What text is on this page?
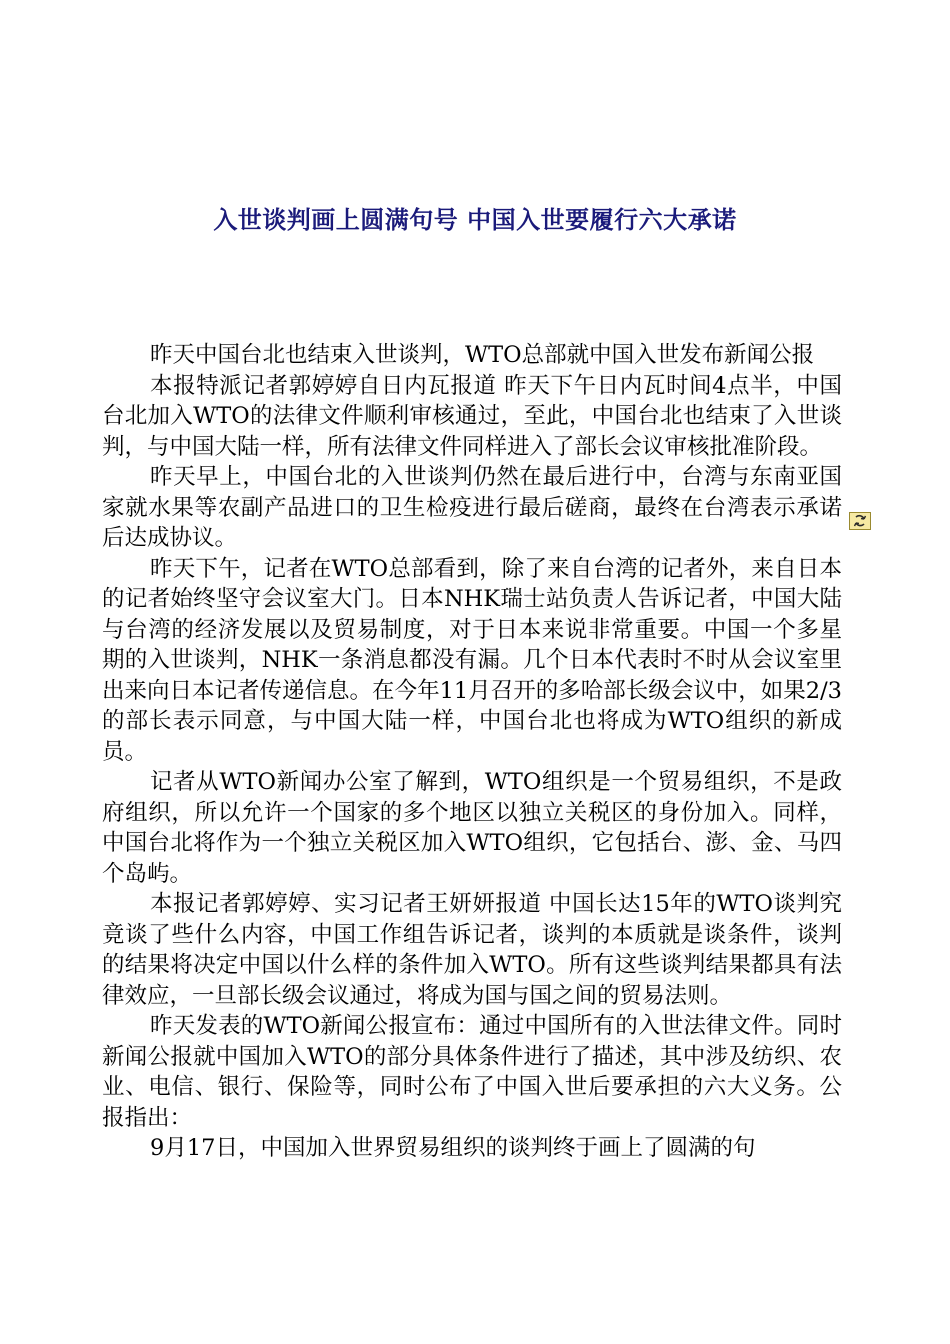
入世谈判画上圆满句号 中国入世要履行六大承诺

昨天中国台北也结束入世谈判，WTO总部就中国入世发布新闻公报

本报特派记者郭婷婷自日内瓦报道 昨天下午日内瓦时间4点半，中国台北加入WTO的法律文件顺利审核通过，至此，中国台北也结束了入世谈判，与中国大陆一样，所有法律文件同样进入了部长会议审核批准阶段。

昨天早上，中国台北的入世谈判仍然在最后进行中，台湾与东南亚国家就水果等农副产品进口的卫生检疫进行最后磋商，最终在台湾表示承诺后达成协议。

昨天下午，记者在WTO总部看到，除了来自台湾的记者外，来自日本的记者始终坚守会议室大门。日本NHK瑞士站负责人告诉记者，中国大陆与台湾的经济发展以及贸易制度，对于日本来说非常重要。中国一个多星期的入世谈判，NHK一条消息都没有漏。几个日本代表时不时从会议室里出来向日本记者传递信息。在今年11月召开的多哈部长级会议中，如果2/3的部长表示同意，与中国大陆一样，中国台北也将成为WTO组织的新成员。

记者从WTO新闻办公室了解到，WTO组织是一个贸易组织，不是政府组织，所以允许一个国家的多个地区以独立关税区的身份加入。同样，中国台北将作为一个独立关税区加入WTO组织，它包括台、澎、金、马四个岛屿。

本报记者郭婷婷、实习记者王妍妍报道 中国长达15年的WTO谈判究竟谈了些什么内容，中国工作组告诉记者，谈判的本质就是谈条件，谈判的结果将决定中国以什么样的条件加入WTO。所有这些谈判结果都具有法律效应，一旦部长级会议通过，将成为国与国之间的贸易法则。

昨天发表的WTO新闻公报宣布：通过中国所有的入世法律文件。同时新闻公报就中国加入WTO的部分具体条件进行了描述，其中涉及纺织、农业、电信、银行、保险等，同时公布了中国入世后要承担的六大义务。公报指出：

9月17日，中国加入世界贸易组织的谈判终于画上了圆满的句
